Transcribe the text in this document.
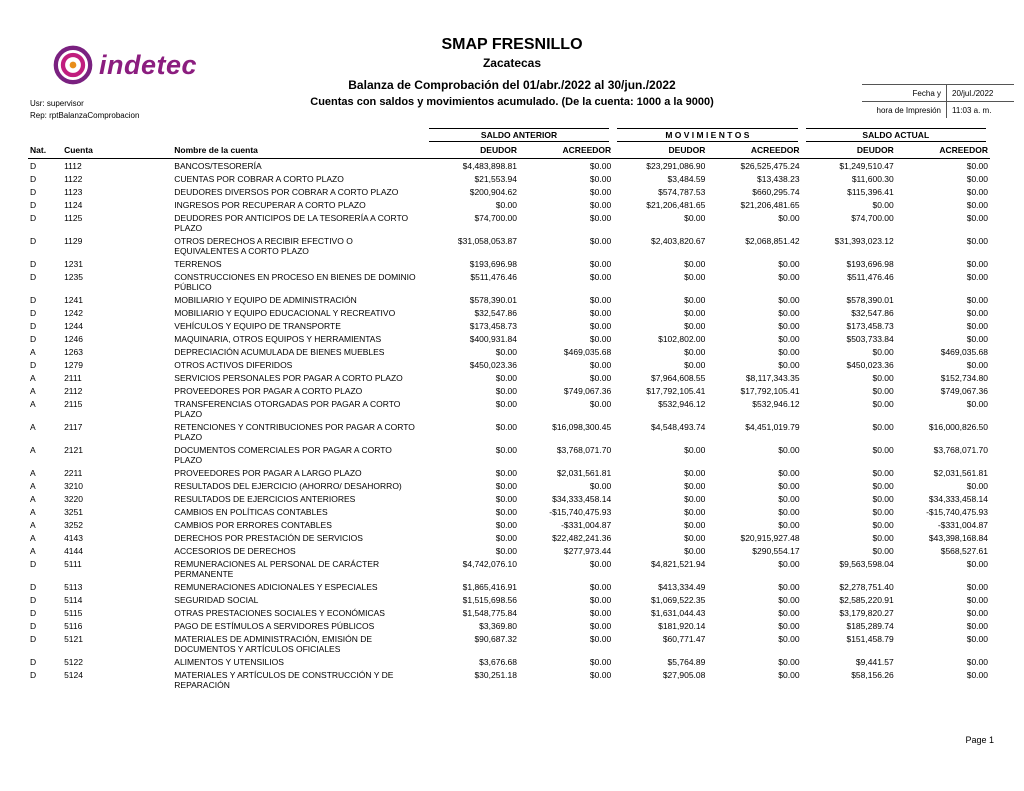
indetec
SMAP FRESNILLO
Zacatecas
Balanza de Comprobación del 01/abr./2022 al 30/jun./2022
Cuentas con saldos y movimientos acumulado. (De la cuenta: 1000 a la 9000)
Usr: supervisor
Rep: rptBalanzaComprobacion
Fecha y	20/jul./2022
hora de Impresión	11:03 a. m.

			SALDO ANTERIOR		M O V I M I E N T O S		SALDO ACTUAL	

Nat.	Cuenta	Nombre de la cuenta	DEUDOR	ACREEDOR	DEUDOR	ACREEDOR	DEUDOR	ACREEDOR
D	1112	BANCOS/TESORERÍA	$4,483,898.81	$0.00	$23,291,086.90	$26,525,475.24	$1,249,510.47	$0.00
D	1122	CUENTAS POR COBRAR A CORTO PLAZO	$21,553.94	$0.00	$3,484.59	$13,438.23	$11,600.30	$0.00
D	1123	DEUDORES DIVERSOS POR COBRAR A CORTO PLAZO	$200,904.62	$0.00	$574,787.53	$660,295.74	$115,396.41	$0.00
D	1124	INGRESOS POR RECUPERAR A CORTO PLAZO	$0.00	$0.00	$21,206,481.65	$21,206,481.65	$0.00	$0.00
D	1125	DEUDORES POR ANTICIPOS DE LA TESORERÍA A CORTO PLAZO	$74,700.00	$0.00	$0.00	$0.00	$74,700.00	$0.00
D	1129	OTROS DERECHOS A RECIBIR EFECTIVO O EQUIVALENTES A CORTO PLAZO	$31,058,053.87	$0.00	$2,403,820.67	$2,068,851.42	$31,393,023.12	$0.00
D	1231	TERRENOS	$193,696.98	$0.00	$0.00	$0.00	$193,696.98	$0.00
D	1235	CONSTRUCCIONES EN PROCESO EN BIENES DE DOMINIO PÚBLICO	$511,476.46	$0.00	$0.00	$0.00	$511,476.46	$0.00
D	1241	MOBILIARIO Y EQUIPO DE ADMINISTRACIÓN	$578,390.01	$0.00	$0.00	$0.00	$578,390.01	$0.00
D	1242	MOBILIARIO Y EQUIPO EDUCACIONAL Y RECREATIVO	$32,547.86	$0.00	$0.00	$0.00	$32,547.86	$0.00
D	1244	VEHÍCULOS Y EQUIPO DE TRANSPORTE	$173,458.73	$0.00	$0.00	$0.00	$173,458.73	$0.00
D	1246	MAQUINARIA, OTROS EQUIPOS Y HERRAMIENTAS	$400,931.84	$0.00	$102,802.00	$0.00	$503,733.84	$0.00
A	1263	DEPRECIACIÓN ACUMULADA DE BIENES MUEBLES	$0.00	$469,035.68	$0.00	$0.00	$0.00	$469,035.68
D	1279	OTROS ACTIVOS DIFERIDOS	$450,023.36	$0.00	$0.00	$0.00	$450,023.36	$0.00
A	2111	SERVICIOS PERSONALES POR PAGAR A CORTO PLAZO	$0.00	$0.00	$7,964,608.55	$8,117,343.35	$0.00	$152,734.80
A	2112	PROVEEDORES POR PAGAR A CORTO PLAZO	$0.00	$749,067.36	$17,792,105.41	$17,792,105.41	$0.00	$749,067.36
A	2115	TRANSFERENCIAS OTORGADAS POR PAGAR A CORTO PLAZO	$0.00	$0.00	$532,946.12	$532,946.12	$0.00	$0.00
A	2117	RETENCIONES Y CONTRIBUCIONES POR PAGAR A CORTO PLAZO	$0.00	$16,098,300.45	$4,548,493.74	$4,451,019.79	$0.00	$16,000,826.50
A	2121	DOCUMENTOS COMERCIALES POR PAGAR A CORTO PLAZO	$0.00	$3,768,071.70	$0.00	$0.00	$0.00	$3,768,071.70
A	2211	PROVEEDORES POR PAGAR A LARGO PLAZO	$0.00	$2,031,561.81	$0.00	$0.00	$0.00	$2,031,561.81
A	3210	RESULTADOS DEL EJERCICIO (AHORRO/ DESAHORRO)	$0.00	$0.00	$0.00	$0.00	$0.00	$0.00
A	3220	RESULTADOS DE EJERCICIOS ANTERIORES	$0.00	$34,333,458.14	$0.00	$0.00	$0.00	$34,333,458.14
A	3251	CAMBIOS EN POLÍTICAS CONTABLES	$0.00	-$15,740,475.93	$0.00	$0.00	$0.00	-$15,740,475.93
A	3252	CAMBIOS POR ERRORES CONTABLES	$0.00	-$331,004.87	$0.00	$0.00	$0.00	-$331,004.87
A	4143	DERECHOS POR PRESTACIÓN DE SERVICIOS	$0.00	$22,482,241.36	$0.00	$20,915,927.48	$0.00	$43,398,168.84
A	4144	ACCESORIOS DE DERECHOS	$0.00	$277,973.44	$0.00	$290,554.17	$0.00	$568,527.61
D	5111	REMUNERACIONES AL PERSONAL DE CARÁCTER PERMANENTE	$4,742,076.10	$0.00	$4,821,521.94	$0.00	$9,563,598.04	$0.00
D	5113	REMUNERACIONES ADICIONALES Y ESPECIALES	$1,865,416.91	$0.00	$413,334.49	$0.00	$2,278,751.40	$0.00
D	5114	SEGURIDAD SOCIAL	$1,515,698.56	$0.00	$1,069,522.35	$0.00	$2,585,220.91	$0.00
D	5115	OTRAS PRESTACIONES SOCIALES Y ECONÓMICAS	$1,548,775.84	$0.00	$1,631,044.43	$0.00	$3,179,820.27	$0.00
D	5116	PAGO DE ESTÍMULOS A SERVIDORES PÚBLICOS	$3,369.80	$0.00	$181,920.14	$0.00	$185,289.74	$0.00
D	5121	MATERIALES DE ADMINISTRACIÓN, EMISIÓN DE DOCUMENTOS Y ARTÍCULOS OFICIALES	$90,687.32	$0.00	$60,771.47	$0.00	$151,458.79	$0.00
D	5122	ALIMENTOS Y UTENSILIOS	$3,676.68	$0.00	$5,764.89	$0.00	$9,441.57	$0.00
D	5124	MATERIALES Y ARTÍCULOS DE CONSTRUCCIÓN Y DE REPARACIÓN	$30,251.18	$0.00	$27,905.08	$0.00	$58,156.26	$0.00
Page 1
